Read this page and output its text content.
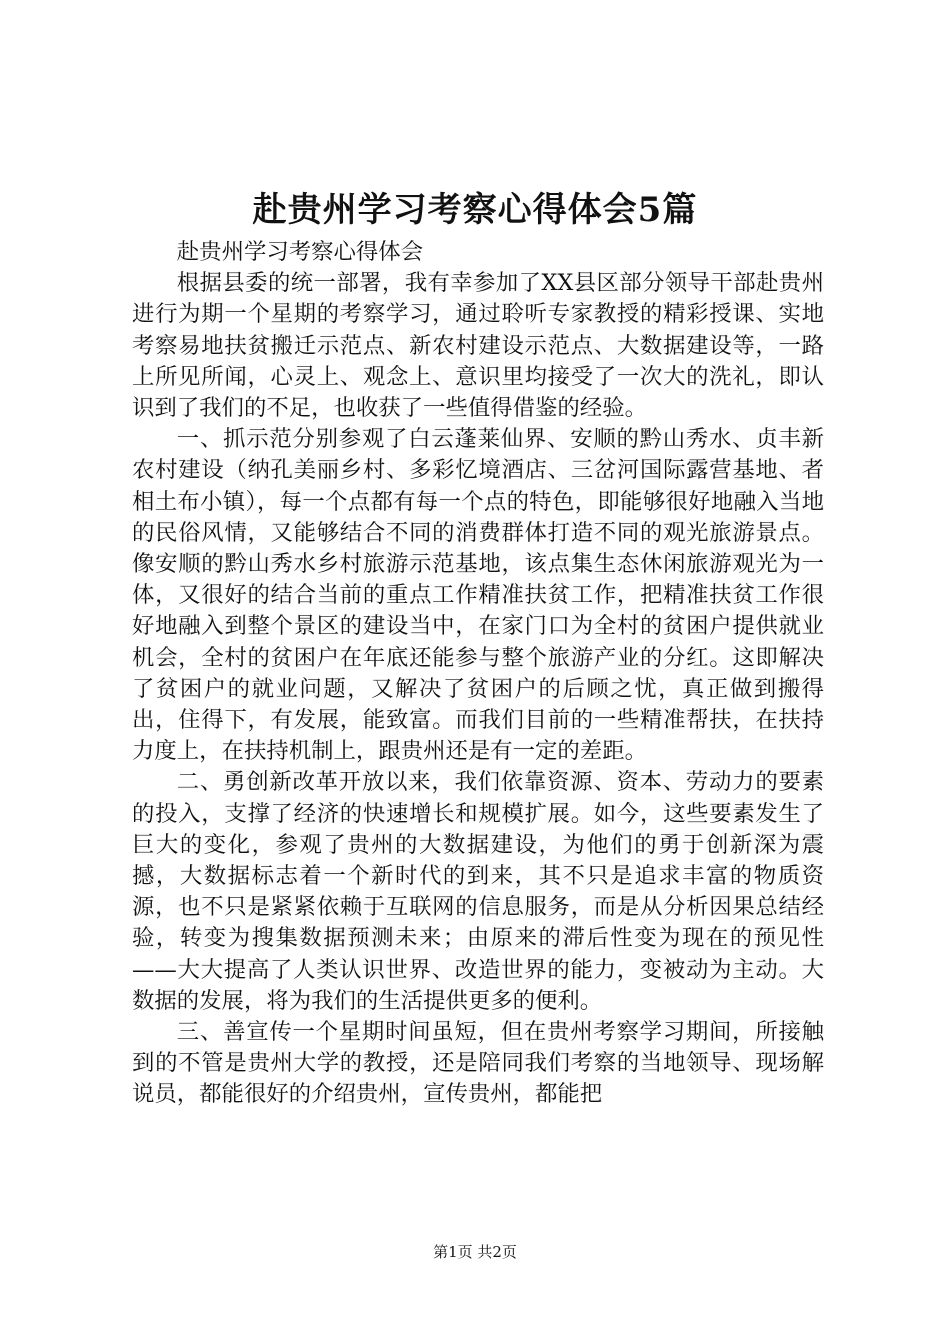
赴贵州学习考察心得体会5篇

赴贵州学习考察心得体会

根据县委的统一部署，我有幸参加了XX县区部分领导干部赴贵州进行为期一个星期的考察学习，通过聆听专家教授的精彩授课、实地考察易地扶贫搬迁示范点、新农村建设示范点、大数据建设等，一路上所见所闻，心灵上、观念上、意识里均接受了一次大的洗礼，即认识到了我们的不足，也收获了一些值得借鉴的经验。

一、抓示范分别参观了白云蓬莱仙界、安顺的黔山秀水、贞丰新农村建设（纳孔美丽乡村、多彩忆境酒店、三岔河国际露营基地、者相土布小镇），每一个点都有每一个点的特色，即能够很好地融入当地的民俗风情，又能够结合不同的消费群体打造不同的观光旅游景点。像安顺的黔山秀水乡村旅游示范基地，该点集生态休闲旅游观光为一体，又很好的结合当前的重点工作精准扶贫工作，把精准扶贫工作很好地融入到整个景区的建设当中，在家门口为全村的贫困户提供就业机会，全村的贫困户在年底还能参与整个旅游产业的分红。这即解决了贫困户的就业问题，又解决了贫困户的后顾之忧，真正做到搬得出，住得下，有发展，能致富。而我们目前的一些精准帮扶，在扶持力度上，在扶持机制上，跟贵州还是有一定的差距。

二、勇创新改革开放以来，我们依靠资源、资本、劳动力的要素的投入，支撑了经济的快速增长和规模扩展。如今，这些要素发生了巨大的变化，参观了贵州的大数据建设，为他们的勇于创新深为震撼，大数据标志着一个新时代的到来，其不只是追求丰富的物质资源，也不只是紧紧依赖于互联网的信息服务，而是从分析因果总结经验，转变为搜集数据预测未来；由原来的滞后性变为现在的预见性——大大提高了人类认识世界、改造世界的能力，变被动为主动。大数据的发展，将为我们的生活提供更多的便利。

三、善宣传一个星期时间虽短，但在贵州考察学习期间，所接触到的不管是贵州大学的教授，还是陪同我们考察的当地领导、现场解说员，都能很好的介绍贵州，宣传贵州，都能把

第1页 共2页
